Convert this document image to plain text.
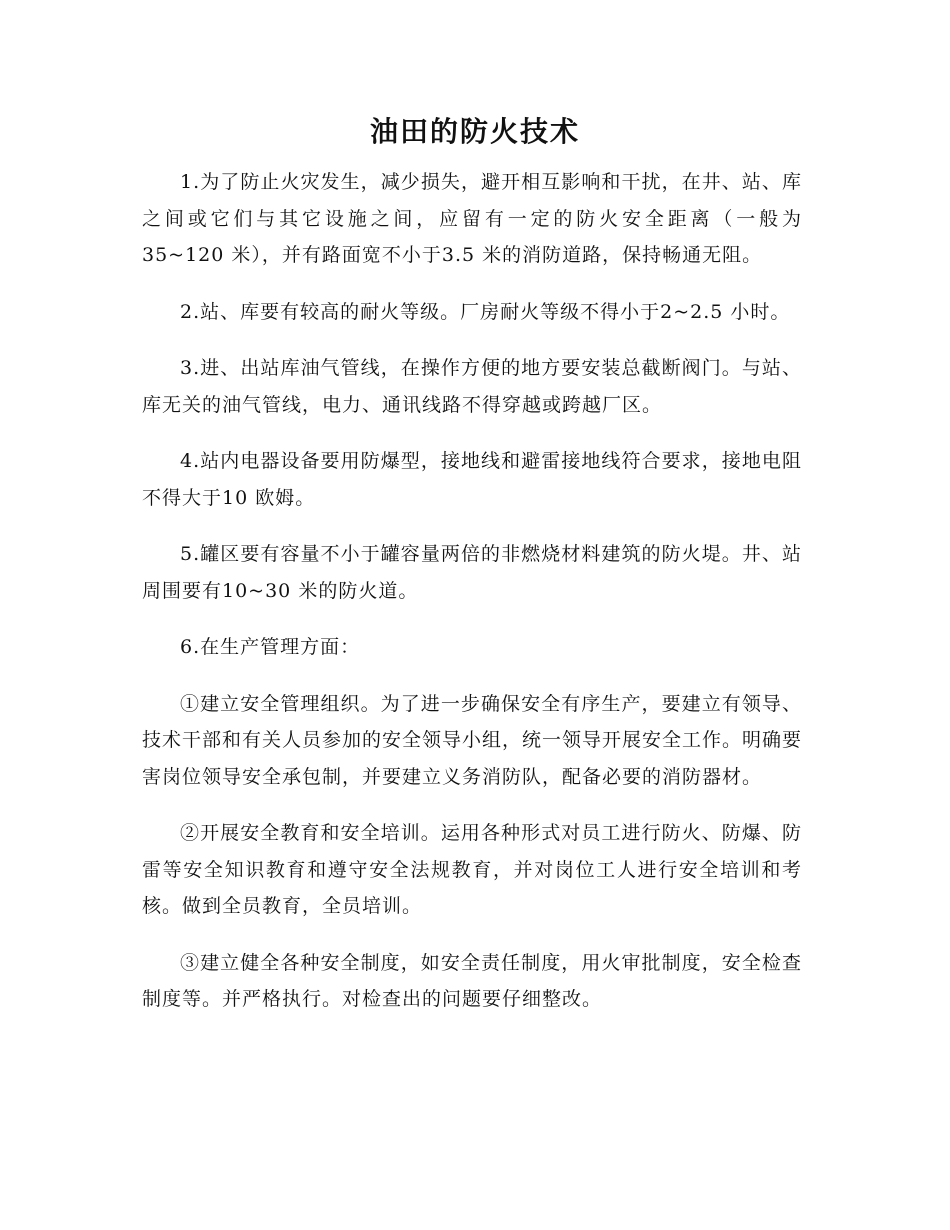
油田的防火技术

1.为了防止火灾发生，减少损失，避开相互影响和干扰，在井、站、库之间或它们与其它设施之间，应留有一定的防火安全距离（一般为35~120 米），并有路面宽不小于3.5 米的消防道路，保持畅通无阻。

2.站、库要有较高的耐火等级。厂房耐火等级不得小于2~2.5 小时。

3.进、出站库油气管线，在操作方便的地方要安装总截断阀门。与站、库无关的油气管线，电力、通讯线路不得穿越或跨越厂区。

4.站内电器设备要用防爆型，接地线和避雷接地线符合要求，接地电阻不得大于10 欧姆。

5.罐区要有容量不小于罐容量两倍的非燃烧材料建筑的防火堤。井、站周围要有10~30 米的防火道。

6.在生产管理方面：

①建立安全管理组织。为了进一步确保安全有序生产，要建立有领导、技术干部和有关人员参加的安全领导小组，统一领导开展安全工作。明确要害岗位领导安全承包制，并要建立义务消防队，配备必要的消防器材。

②开展安全教育和安全培训。运用各种形式对员工进行防火、防爆、防雷等安全知识教育和遵守安全法规教育，并对岗位工人进行安全培训和考核。做到全员教育，全员培训。

③建立健全各种安全制度，如安全责任制度，用火审批制度，安全检查制度等。并严格执行。对检查出的问题要仔细整改。
